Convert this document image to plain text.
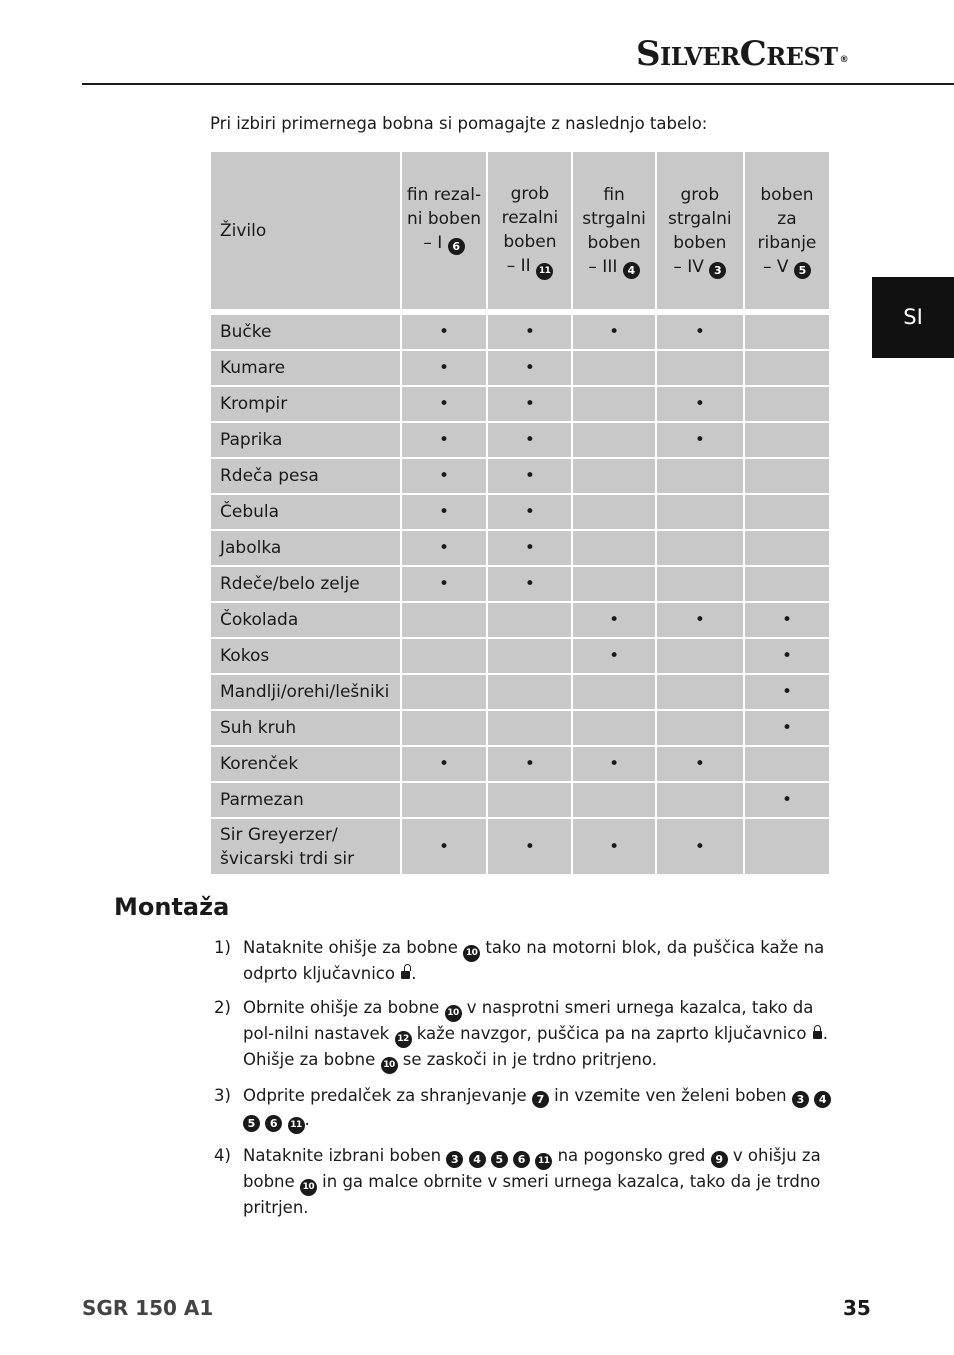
SilverCrest ®
SI
Pri izbiri primernega bobna si pomagajte z naslednjo tabelo:
Živilo	fin rezal-
ni boben
– I 6	grob
rezalni
boben
– II 11	fin
strgalni
boben
– III 4	grob
strgalni
boben
– IV 3	boben
za
ribanje
– V 5

Bučke	•	•	•	•	
Kumare	•	•			
Krompir	•	•		•	
Paprika	•	•		•	
Rdeča pesa	•	•			
Čebula	•	•			
Jabolka	•	•			
Rdeče/belo zelje	•	•			
Čokolada			•	•	•
Kokos			•		•
Mandlji/orehi/lešniki					•
Suh kruh					•
Korenček	•	•	•	•	
Parmezan					•
Sir Greyerzer/
švicarski trdi sir	•	•	•	•	
Montaža
1) Nataknite ohišje za bobne 10 tako na motorni blok, da puščica kaže na odprto ključavnico .
2) Obrnite ohišje za bobne 10 v nasprotni smeri urnega kazalca, tako da pol-nilni nastavek 12 kaže navzgor, puščica pa na zaprto ključavnico . Ohišje za bobne 10 se zaskoči in je trdno pritrjeno.
3) Odprite predalček za shranjevanje 7 in vzemite ven želeni boben 3 4 5 6 11 .
4) Nataknite izbrani boben 3 4 5 6 11 na pogonsko gred 9 v ohišju za bobne 10 in ga malce obrnite v smeri urnega kazalca, tako da je trdno pritrjen.
SGR 150 A1	35
